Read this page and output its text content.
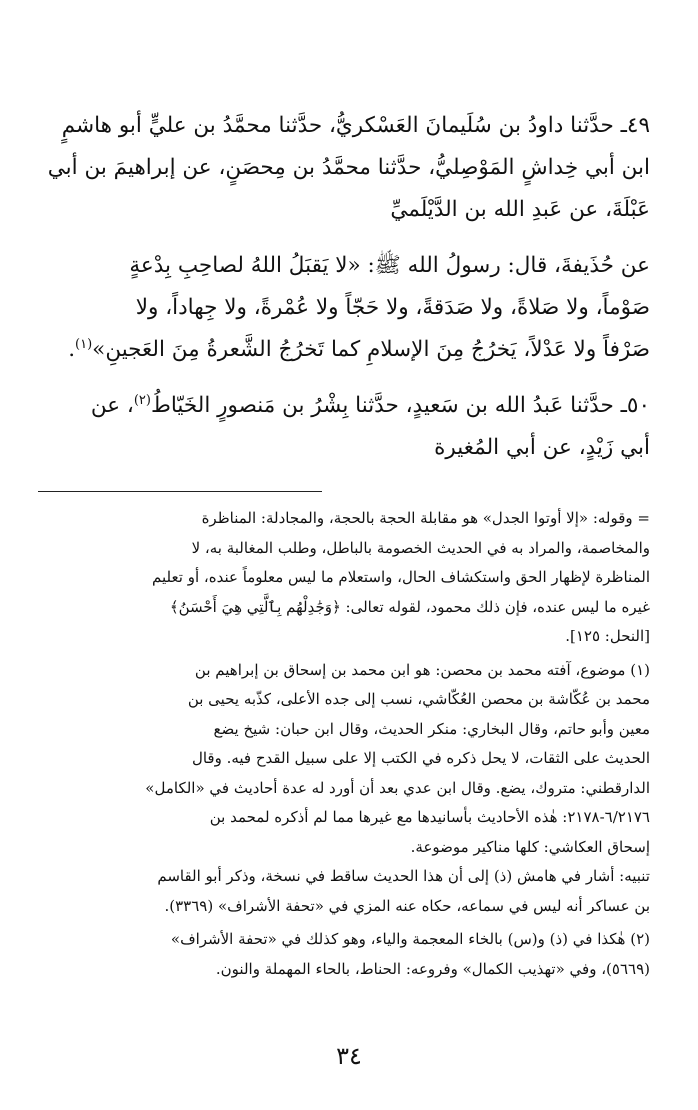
٤٩ـ حدَّثنا داودُ بن سُلَيمانَ العَسْكريُّ، حدَّثنا محمَّدُ بن عليٍّ أبو هاشمٍ

ابن أبي خِداشٍ المَوْصِليُّ، حدَّثنا محمَّدُ بن مِحصَنٍ، عن إبراهيمَ بن أبي

عَبْلَةَ، عن عَبدِ الله بن الدَّيْلَميِّ

عن حُذَيفةَ، قال: رسولُ الله ﷺ: «لا يَقبَلُ اللهُ لصاحِبِ بِدْعةٍ

صَوْماً، ولا صَلاةً، ولا صَدَقةً، ولا حَجّاً ولا عُمْرةً، ولا جِهاداً، ولا

صَرْفاً ولا عَدْلاً، يَخرُجُ مِنَ الإسلامِ كما تَخرُجُ الشَّعرةُ مِنَ العَجينِ»$^{(١)}$.

٥٠ـ حدَّثنا عَبدُ الله بن سَعيدٍ، حدَّثنا بِشْرُ بن مَنصورٍ الخَيّاطُ$^{(٢)}$، عن

أبي زَيْدٍ، عن أبي المُغيرة

= وقوله: «إلا أوتوا الجدل» هو مقابلة الحجة بالحجة، والمجادلة: المناظرة

والمخاصمة، والمراد به في الحديث الخصومة بالباطل، وطلب المغالبة به، لا

المناظرة لإظهار الحق واستكشاف الحال، واستعلام ما ليس معلوماً عنده، أو تعليم

غيره ما ليس عنده، فإن ذلك محمود، لقوله تعالى: ﴿وَجَٰدِلْهُم بِٱلَّتِي هِيَ أَحْسَنُ﴾

[النحل: ١٢٥].

(١) موضوع، آفته محمد بن محصن: هو ابن محمد بن إسحاق بن إبراهيم بن

محمد بن عُكّاشة بن محصن العُكّاشي، نسب إلى جده الأعلى، كذّبه يحيى بن

معين وأبو حاتم، وقال البخاري: منكر الحديث، وقال ابن حبان: شيخ يضع

الحديث على الثقات، لا يحل ذكره في الكتب إلا على سبيل القدح فيه. وقال

الدارقطني: متروك، يضع. وقال ابن عدي بعد أن أورد له عدة أحاديث في «الكامل»

٦/٢١٧٦-٢١٧٨: هٰذه الأحاديث بأسانيدها مع غيرها مما لم أذكره لمحمد بن

إسحاق العكاشي: كلها مناكير موضوعة.

تنبيه: أشار في هامش (ذ) إلى أن هذا الحديث ساقط في نسخة، وذكر أبو القاسم

بن عساكر أنه ليس في سماعه، حكاه عنه المزي في «تحفة الأشراف» (٣٣٦٩).

(٢) هٰكذا في (ذ) و(س) بالخاء المعجمة والياء، وهو كذلك في «تحفة الأشراف»

(٥٦٦٩)، وفي «تهذيب الكمال» وفروعه: الحناط، بالحاء المهملة والنون.

٣٤
